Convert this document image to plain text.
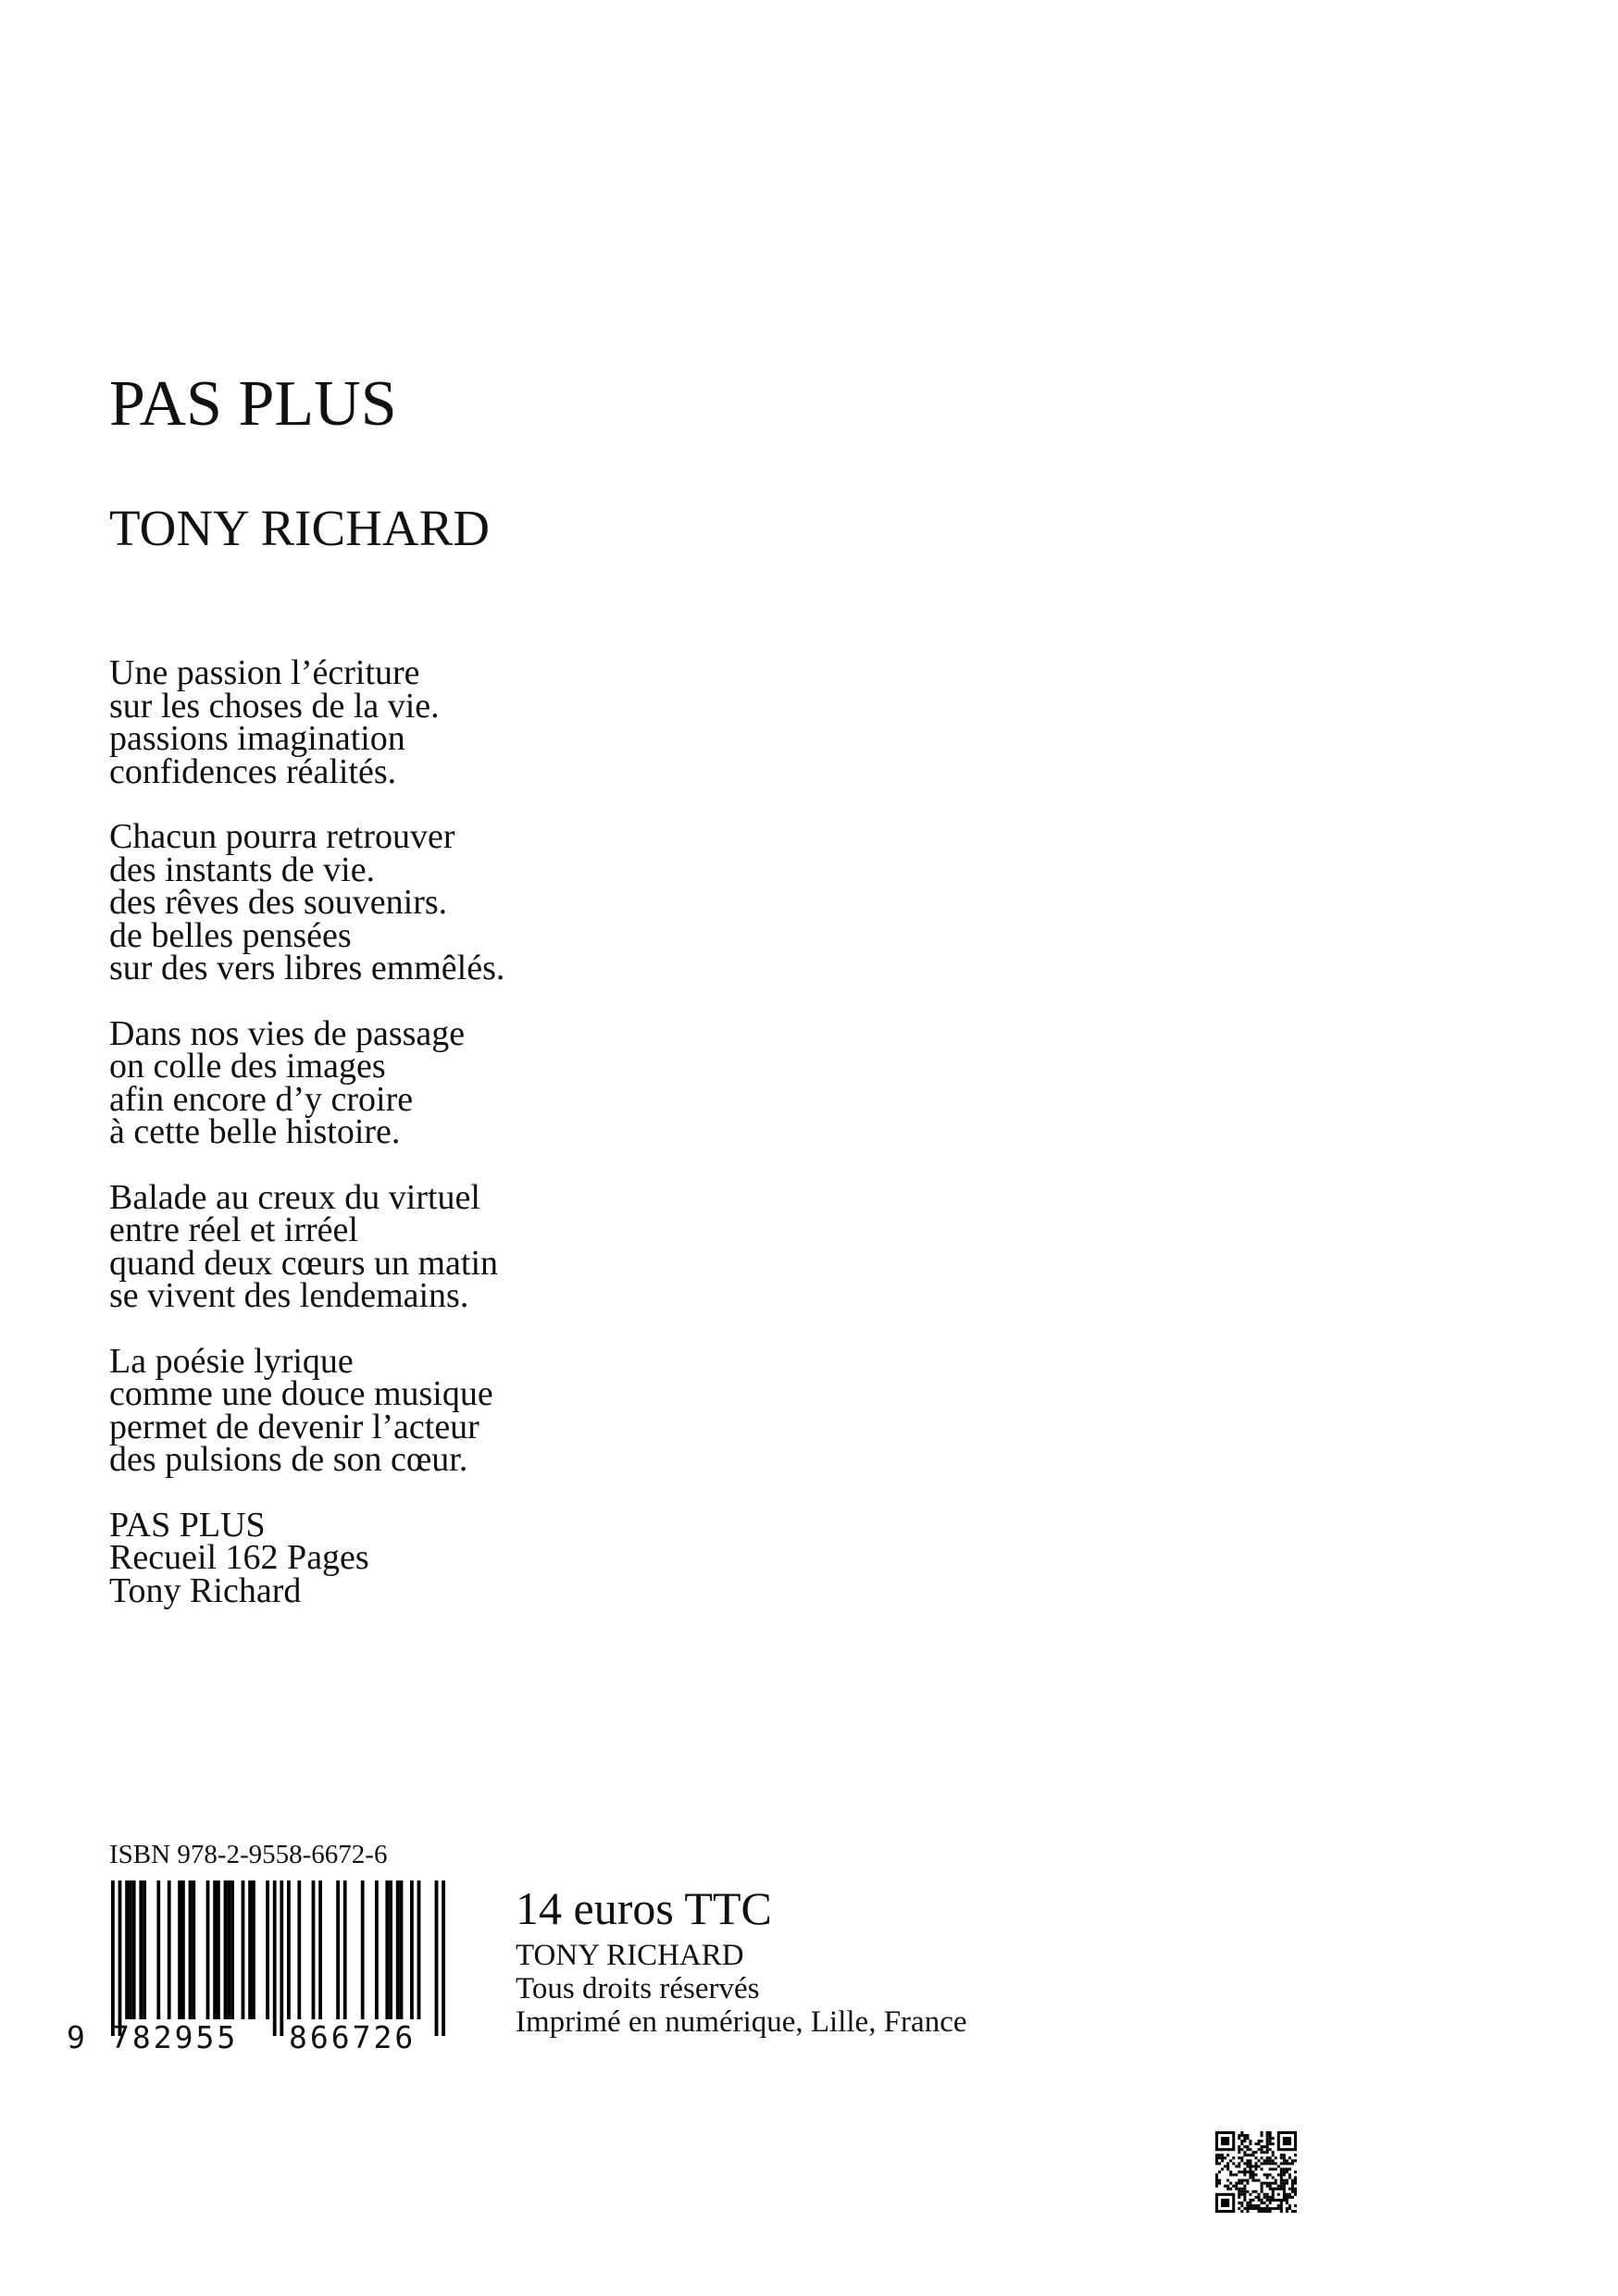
PAS PLUS
TONY RICHARD

Une passion l’écriture
sur les choses de la vie.
passions imagination
confidences réalités.

Chacun pourra retrouver
des instants de vie.
des rêves des souvenirs.
de belles pensées
sur des vers libres emmêlés.

Dans nos vies de passage
on colle des images
afin encore d’y croire
à cette belle histoire.

Balade au creux du virtuel
entre réel et irréel
quand deux cœurs un matin
se vivent des lendemains.

La poésie lyrique
comme une douce musique
permet de devenir l’acteur
des pulsions de son cœur.

PAS PLUS
Recueil 162 Pages
Tony Richard

ISBN 978-2-9558-6672-6
9 782955 866726
14 euros TTC
TONY RICHARD
Tous droits réservés
Imprimé en numérique, Lille, France
